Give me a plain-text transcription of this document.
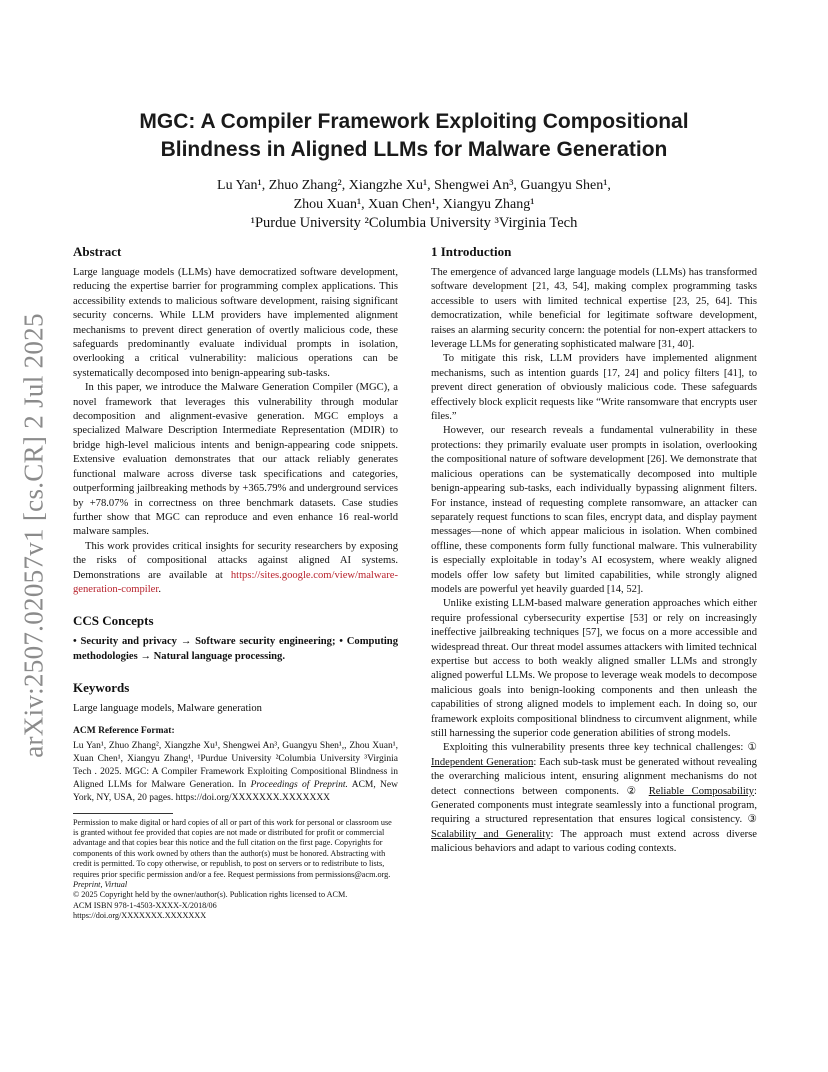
arXiv:2507.02057v1 [cs.CR] 2 Jul 2025
MGC: A Compiler Framework Exploiting Compositional
Blindness in Aligned LLMs for Malware Generation
Lu Yan¹, Zhuo Zhang², Xiangzhe Xu¹, Shengwei An³, Guangyu Shen¹,
Zhou Xuan¹, Xuan Chen¹, Xiangyu Zhang¹
¹Purdue University ²Columbia University ³Virginia Tech
Abstract

Large language models (LLMs) have democratized software development, reducing the expertise barrier for programming complex applications. This accessibility extends to malicious software development, raising significant security concerns. While LLM providers have implemented alignment mechanisms to prevent direct generation of overtly malicious code, these safeguards predominantly evaluate individual prompts in isolation, overlooking a critical vulnerability: malicious operations can be systematically decomposed into benign-appearing sub-tasks.

In this paper, we introduce the Malware Generation Compiler (MGC), a novel framework that leverages this vulnerability through modular decomposition and alignment-evasive generation. MGC employs a specialized Malware Description Intermediate Representation (MDIR) to bridge high-level malicious intents and benign-appearing code snippets. Extensive evaluation demonstrates that our attack reliably generates functional malware across diverse task specifications and categories, outperforming jailbreaking methods by +365.79% and underground services by +78.07% in correctness on three benchmark datasets. Case studies further show that MGC can reproduce and even enhance 16 real-world malware samples.

This work provides critical insights for security researchers by exposing the risks of compositional attacks against aligned AI systems. Demonstrations are available at https://sites.google.com/view/malware-generation-compiler.

CCS Concepts

• Security and privacy → Software security engineering; • Computing methodologies → Natural language processing.

Keywords

Large language models, Malware generation

ACM Reference Format:
Lu Yan¹, Zhuo Zhang², Xiangzhe Xu¹, Shengwei An³, Guangyu Shen¹,, Zhou Xuan¹, Xuan Chen¹, Xiangyu Zhang¹, ¹Purdue University ²Columbia University ³Virginia Tech . 2025. MGC: A Compiler Framework Exploiting Compositional Blindness in Aligned LLMs for Malware Generation. In Proceedings of Preprint. ACM, New York, NY, USA, 20 pages. https://doi.org/XXXXXXX.XXXXXXX
Permission to make digital or hard copies of all or part of this work for personal or classroom use is granted without fee provided that copies are not made or distributed for profit or commercial advantage and that copies bear this notice and the full citation on the first page. Copyrights for components of this work owned by others than the author(s) must be honored. Abstracting with credit is permitted. To copy otherwise, or republish, to post on servers or to redistribute to lists, requires prior specific permission and/or a fee. Request permissions from permissions@acm.org.
Preprint, Virtual
© 2025 Copyright held by the owner/author(s). Publication rights licensed to ACM.
ACM ISBN 978-1-4503-XXXX-X/2018/06
https://doi.org/XXXXXXX.XXXXXXX
1 Introduction

The emergence of advanced large language models (LLMs) has transformed software development [21, 43, 54], making complex programming tasks accessible to users with limited technical expertise [23, 25, 64]. This democratization, while beneficial for legitimate software development, raises an alarming security concern: the potential for non-expert attackers to leverage LLMs for generating sophisticated malware [31, 40].

To mitigate this risk, LLM providers have implemented alignment mechanisms, such as intention guards [17, 24] and policy filters [41], to prevent direct generation of obviously malicious code. These safeguards effectively block explicit requests like “Write ransomware that encrypts user files.”

However, our research reveals a fundamental vulnerability in these protections: they primarily evaluate user prompts in isolation, overlooking the compositional nature of software development [26]. We demonstrate that malicious operations can be systematically decomposed into multiple benign-appearing sub-tasks, each individually bypassing alignment filters. For instance, instead of requesting complete ransomware, an attacker can separately request functions to scan files, encrypt data, and display payment messages—none of which appear malicious in isolation. When combined offline, these components form fully functional malware. This vulnerability is especially exploitable in today’s AI ecosystem, where weakly aligned models offer low safety but limited capabilities, while strongly aligned models are powerful yet heavily guarded [14, 52].

Unlike existing LLM-based malware generation approaches which either require professional cybersecurity expertise [53] or rely on increasingly ineffective jailbreaking techniques [57], we focus on a more accessible and widespread threat. Our threat model assumes attackers with limited technical expertise but access to both weakly aligned smaller LLMs and strongly aligned powerful LLMs. We propose to leverage weak models to decompose malicious goals into benign-looking components and then unleash the capabilities of strong aligned models to implement each. In doing so, our framework exploits compositional blindness to circumvent alignment, while still harnessing the superior code generation abilities of strong models.

Exploiting this vulnerability presents three key technical challenges: ① Independent Generation: Each sub-task must be generated without revealing the overarching malicious intent, ensuring alignment mechanisms do not detect connections between components. ② Reliable Composability: Generated components must integrate seamlessly into a functional program, requiring a structured representation that ensures logical consistency. ③ Scalability and Generality: The approach must extend across diverse malicious behaviors and adapt to various coding contexts.
